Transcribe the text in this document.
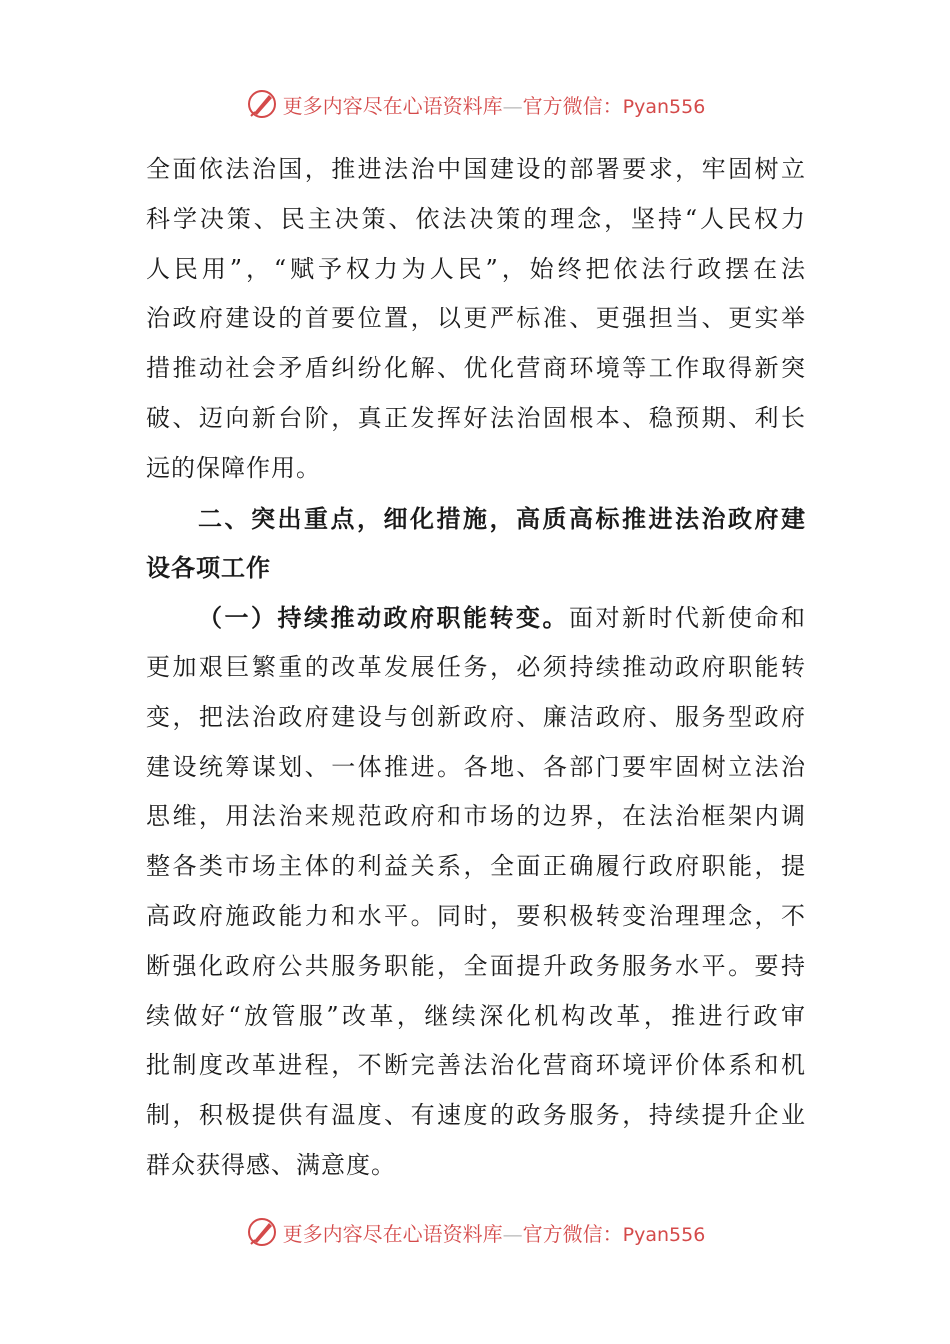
更多内容尽在心语资料库—官方微信：Pyan556
全面依法治国，推进法治中国建设的部署要求，牢固树立
科学决策、民主决策、依法决策的理念，坚持“人民权力
人民用”，“赋予权力为人民”，始终把依法行政摆在法
治政府建设的首要位置，以更严标准、更强担当、更实举
措推动社会矛盾纠纷化解、优化营商环境等工作取得新突
破、迈向新台阶，真正发挥好法治固根本、稳预期、利长
远的保障作用。
二、突出重点，细化措施，高质高标推进法治政府建
设各项工作
（一）持续推动政府职能转变。面对新时代新使命和
更加艰巨繁重的改革发展任务，必须持续推动政府职能转
变，把法治政府建设与创新政府、廉洁政府、服务型政府
建设统筹谋划、一体推进。各地、各部门要牢固树立法治
思维，用法治来规范政府和市场的边界，在法治框架内调
整各类市场主体的利益关系，全面正确履行政府职能，提
高政府施政能力和水平。同时，要积极转变治理理念，不
断强化政府公共服务职能，全面提升政务服务水平。要持
续做好“放管服”改革，继续深化机构改革，推进行政审
批制度改革进程，不断完善法治化营商环境评价体系和机
制，积极提供有温度、有速度的政务服务，持续提升企业
群众获得感、满意度。
更多内容尽在心语资料库—官方微信：Pyan556
